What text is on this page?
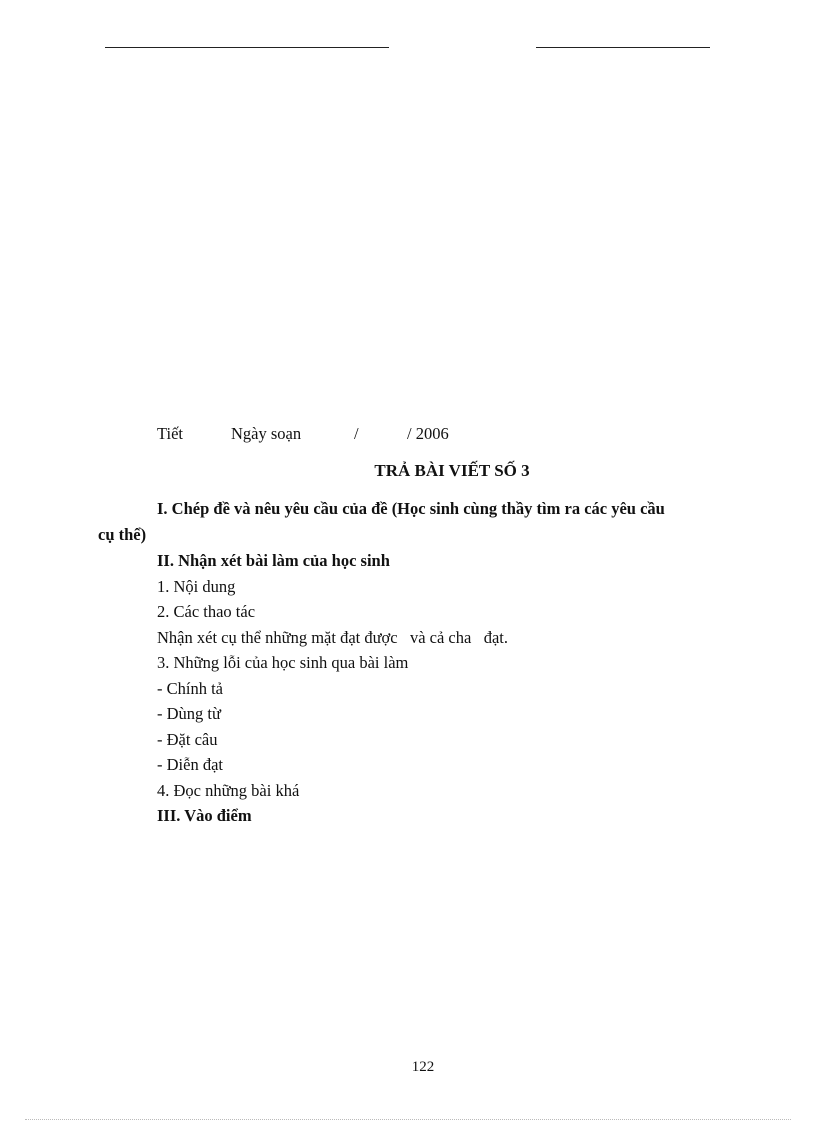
Tiết

	Ngày soạn

	/

	/ 2006

TRẢ BÀI VIẾT SỐ 3
I. Chép đề và nêu yêu cầu của đề (Học sinh cùng thầy tìm ra các yêu cầu
cụ thể)
II. Nhận xét bài làm của học sinh
1. Nội dung
2. Các thao tác
Nhận xét cụ thể những mặt đạt được   và cả cha   đạt.
3. Những lỗi của học sinh qua bài làm
- Chính tả
- Dùng từ
- Đặt câu
- Diễn đạt
4. Đọc những bài khá
III. Vào điểm
122
